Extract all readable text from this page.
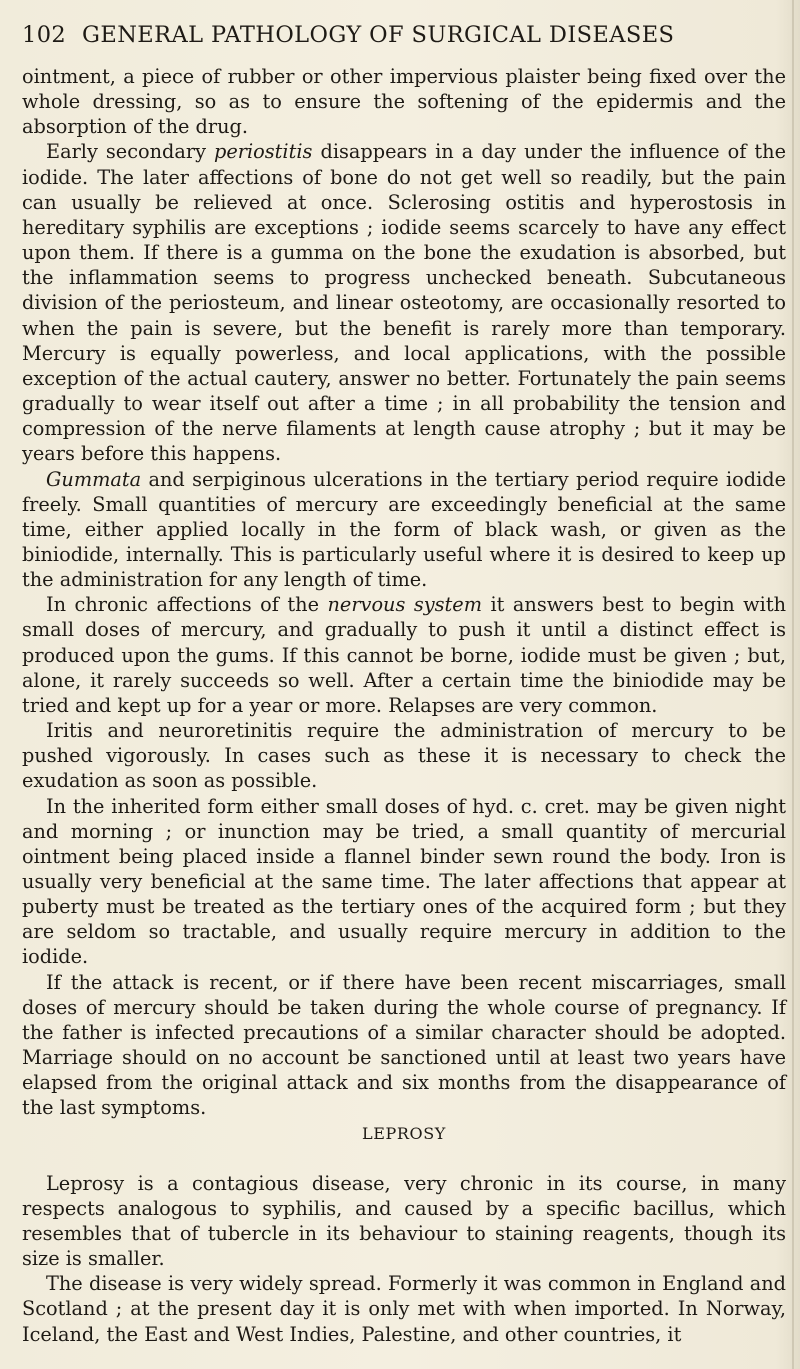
102 GENERAL PATHOLOGY OF SURGICAL DISEASES

ointment, a piece of rubber or other impervious plaister being fixed over the whole dressing, so as to ensure the softening of the epidermis and the absorption of the drug.

Early secondary periostitis disappears in a day under the influence of the iodide. The later affections of bone do not get well so readily, but the pain can usually be relieved at once. Sclerosing ostitis and hyperostosis in hereditary syphilis are exceptions ; iodide seems scarcely to have any effect upon them. If there is a gumma on the bone the exudation is absorbed, but the inflammation seems to progress unchecked beneath. Subcutaneous division of the periosteum, and linear osteotomy, are occasionally resorted to when the pain is severe, but the benefit is rarely more than temporary. Mercury is equally powerless, and local applications, with the possible exception of the actual cautery, answer no better. Fortunately the pain seems gradually to wear itself out after a time ; in all probability the tension and compression of the nerve filaments at length cause atrophy ; but it may be years before this happens.

Gummata and serpiginous ulcerations in the tertiary period require iodide freely. Small quantities of mercury are exceedingly beneficial at the same time, either applied locally in the form of black wash, or given as the biniodide, internally. This is particularly useful where it is desired to keep up the administration for any length of time.

In chronic affections of the nervous system it answers best to begin with small doses of mercury, and gradually to push it until a distinct effect is produced upon the gums. If this cannot be borne, iodide must be given ; but, alone, it rarely succeeds so well. After a certain time the biniodide may be tried and kept up for a year or more. Relapses are very common.

Iritis and neuroretinitis require the administration of mercury to be pushed vigorously. In cases such as these it is necessary to check the exudation as soon as possible.

In the inherited form either small doses of hyd. c. cret. may be given night and morning ; or inunction may be tried, a small quantity of mercurial ointment being placed inside a flannel binder sewn round the body. Iron is usually very beneficial at the same time. The later affections that appear at puberty must be treated as the tertiary ones of the acquired form ; but they are seldom so tractable, and usually require mercury in addition to the iodide.

If the attack is recent, or if there have been recent miscarriages, small doses of mercury should be taken during the whole course of pregnancy. If the father is infected precautions of a similar character should be adopted. Marriage should on no account be sanctioned until at least two years have elapsed from the original attack and six months from the disappearance of the last symptoms.

LEPROSY

Leprosy is a contagious disease, very chronic in its course, in many respects analogous to syphilis, and caused by a specific bacillus, which resembles that of tubercle in its behaviour to staining reagents, though its size is smaller.

The disease is very widely spread. Formerly it was common in England and Scotland ; at the present day it is only met with when imported. In Norway, Iceland, the East and West Indies, Palestine, and other countries, it
